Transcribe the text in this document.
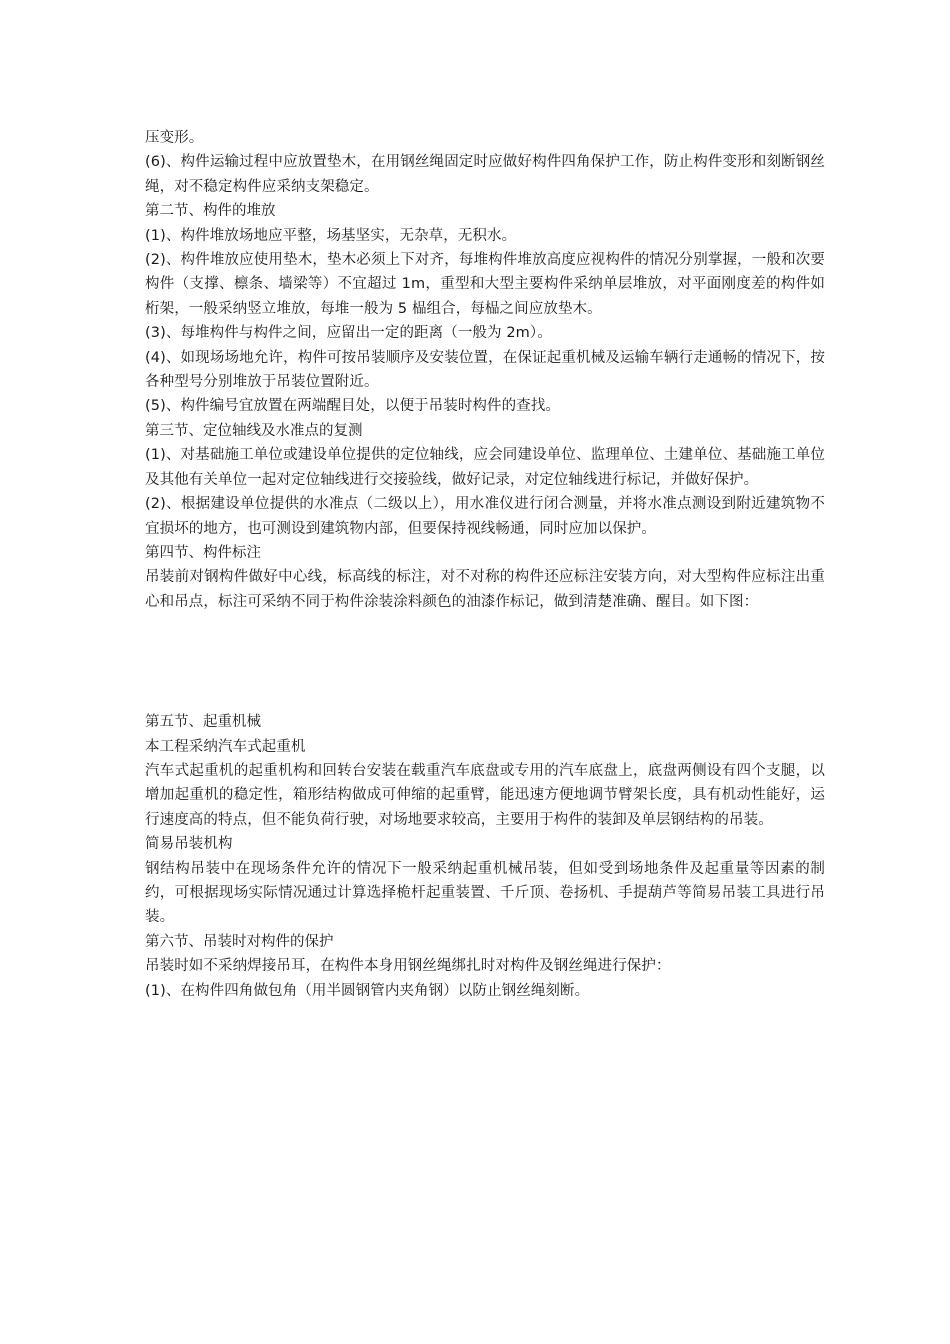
压变形。

(6)、构件运输过程中应放置垫木，在用钢丝绳固定时应做好构件四角保护工作，防止构件变形和刻断钢丝绳，对不稳定构件应采纳支架稳定。

第二节、构件的堆放

(1)、构件堆放场地应平整，场基坚实，无杂草，无积水。

(2)、构件堆放应使用垫木，垫木必须上下对齐，每堆构件堆放高度应视构件的情况分别掌握，一般和次要构件（支撑、檩条、墙梁等）不宜超过 1m，重型和大型主要构件采纳单层堆放，对平面刚度差的构件如桁架，一般采纳竖立堆放，每堆一般为 5 榀组合，每榀之间应放垫木。

(3)、每堆构件与构件之间，应留出一定的距离（一般为 2m）。

(4)、如现场场地允许，构件可按吊装顺序及安装位置，在保证起重机械及运输车辆行走通畅的情况下，按各种型号分别堆放于吊装位置附近。

(5)、构件编号宜放置在两端醒目处，以便于吊装时构件的查找。

第三节、定位轴线及水准点的复测

(1)、对基础施工单位或建设单位提供的定位轴线，应会同建设单位、监理单位、土建单位、基础施工单位及其他有关单位一起对定位轴线进行交接验线，做好记录，对定位轴线进行标记，并做好保护。

(2)、根据建设单位提供的水准点（二级以上），用水准仪进行闭合测量，并将水准点测设到附近建筑物不宜损坏的地方，也可测设到建筑物内部，但要保持视线畅通，同时应加以保护。

第四节、构件标注

吊装前对钢构件做好中心线，标高线的标注，对不对称的构件还应标注安装方向，对大型构件应标注出重心和吊点，标注可采纳不同于构件涂装涂料颜色的油漆作标记，做到清楚准确、醒目。如下图：

第五节、起重机械

本工程采纳汽车式起重机

汽车式起重机的起重机构和回转台安装在载重汽车底盘或专用的汽车底盘上，底盘两侧设有四个支腿，以增加起重机的稳定性，箱形结构做成可伸缩的起重臂，能迅速方便地调节臂架长度，具有机动性能好，运行速度高的特点，但不能负荷行驶，对场地要求较高，主要用于构件的装卸及单层钢结构的吊装。

简易吊装机构

钢结构吊装中在现场条件允许的情况下一般采纳起重机械吊装，但如受到场地条件及起重量等因素的制约，可根据现场实际情况通过计算选择桅杆起重装置、千斤顶、卷扬机、手提葫芦等简易吊装工具进行吊装。

第六节、吊装时对构件的保护

吊装时如不采纳焊接吊耳，在构件本身用钢丝绳绑扎时对构件及钢丝绳进行保护：

(1)、在构件四角做包角（用半圆钢管内夹角钢）以防止钢丝绳刻断。
